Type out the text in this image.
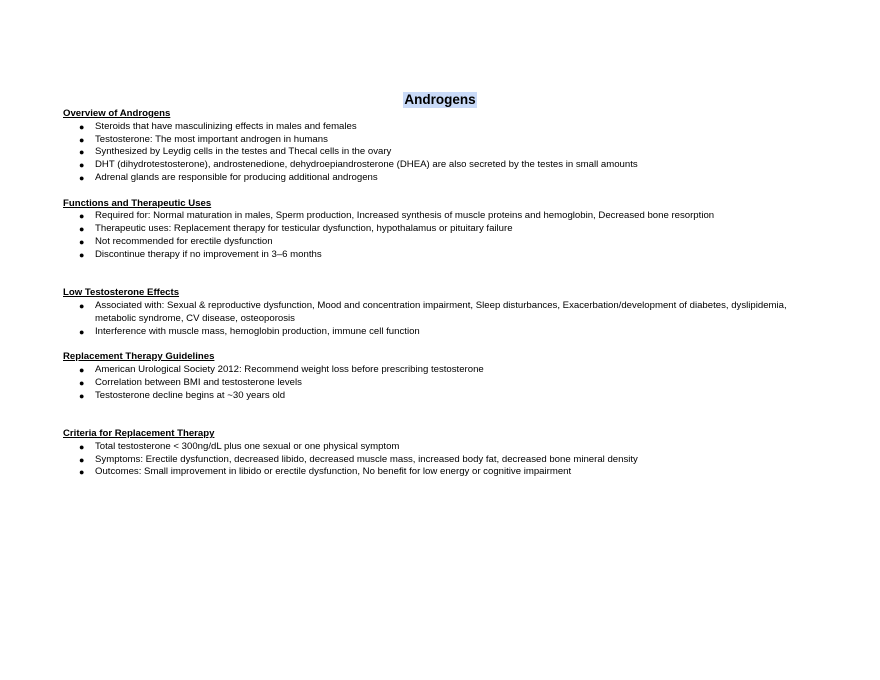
Androgens

Overview of Androgens

● Steroids that have masculinizing effects in males and females
● Testosterone: The most important androgen in humans
● Synthesized by Leydig cells in the testes and Thecal cells in the ovary
● DHT (dihydrotestosterone), androstenedione, dehydroepiandrosterone (DHEA) are also secreted by the testes in small amounts
● Adrenal glands are responsible for producing additional androgens

Functions and Therapeutic Uses

● Required for: Normal maturation in males, Sperm production, Increased synthesis of muscle proteins and hemoglobin, Decreased bone resorption
● Therapeutic uses: Replacement therapy for testicular dysfunction, hypothalamus or pituitary failure
● Not recommended for erectile dysfunction
● Discontinue therapy if no improvement in 3–6 months

Low Testosterone Effects

● Associated with: Sexual & reproductive dysfunction, Mood and concentration impairment, Sleep disturbances, Exacerbation/development of diabetes, dyslipidemia, metabolic syndrome, CV disease, osteoporosis
● Interference with muscle mass, hemoglobin production, immune cell function

Replacement Therapy Guidelines

● American Urological Society 2012: Recommend weight loss before prescribing testosterone
● Correlation between BMI and testosterone levels
● Testosterone decline begins at ~30 years old

Criteria for Replacement Therapy

● Total testosterone < 300ng/dL plus one sexual or one physical symptom
● Symptoms: Erectile dysfunction, decreased libido, decreased muscle mass, increased body fat, decreased bone mineral density
● Outcomes: Small improvement in libido or erectile dysfunction, No benefit for low energy or cognitive impairment
